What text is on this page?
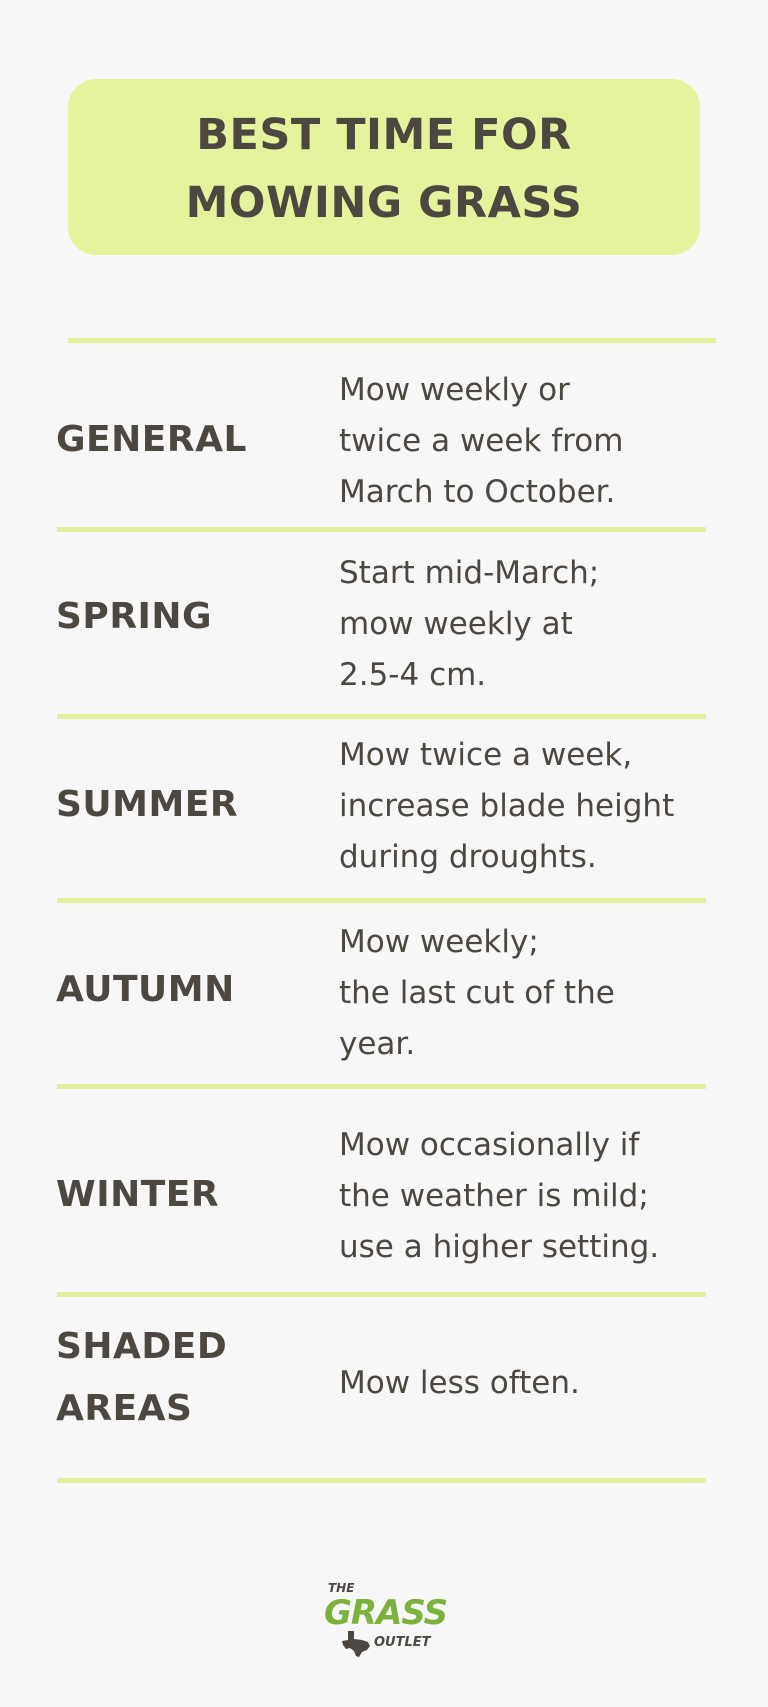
BEST TIME FOR
MOWING GRASS
GENERAL
Mow weekly or
twice a week from
March to October.
SPRING
Start mid-March;
mow weekly at
2.5-4 cm.
SUMMER
Mow twice a week,
increase blade height
during droughts.
AUTUMN
Mow weekly;
the last cut of the
year.
WINTER
Mow occasionally if
the weather is mild;
use a higher setting.
SHADED
AREAS
Mow less often.
THE
GRASS
OUTLET
